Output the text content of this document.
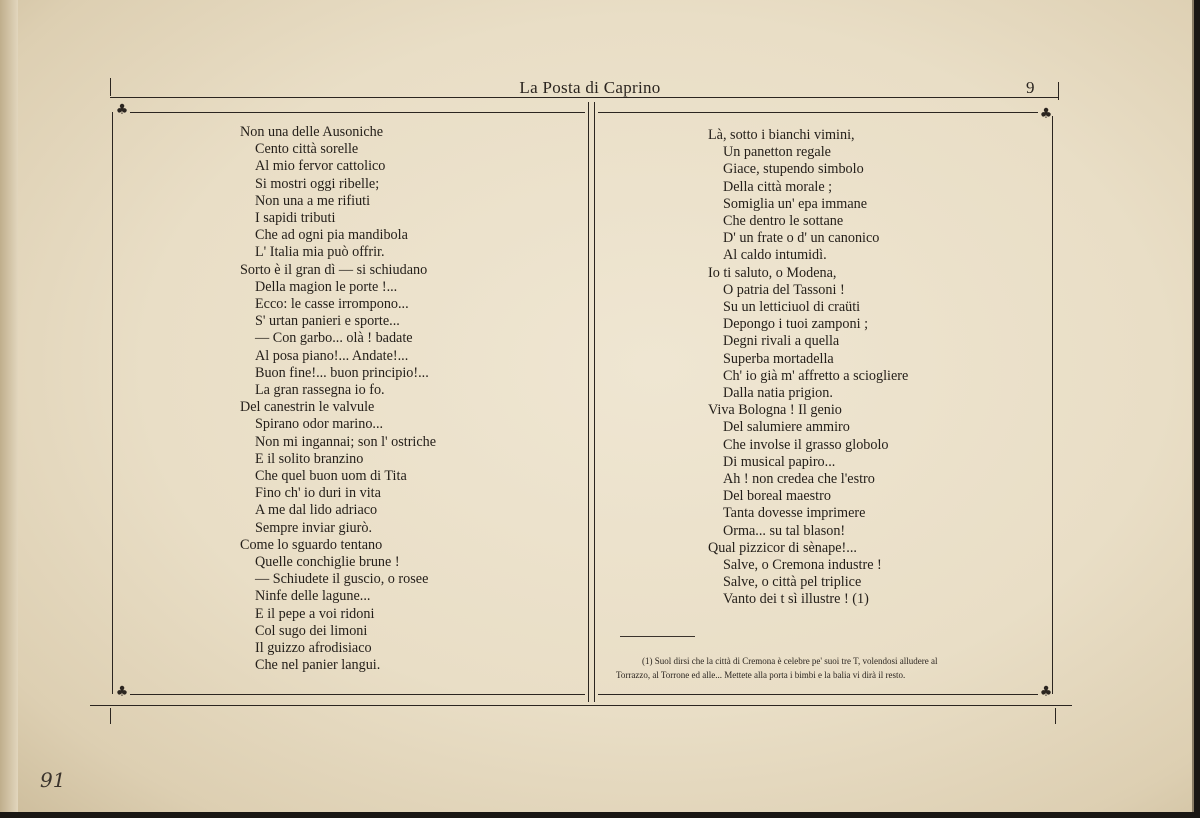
La Posta di Caprino	9
♣	♣
♣	♣
Non una delle Ausoniche
Cento città sorelle
Al mio fervor cattolico
Si mostri oggi ribelle;
Non una a me rifiuti
I sapidi tributi
Che ad ogni pia mandibola
L' Italia mia può offrir.
Sorto è il gran dì — si schiudano
Della magion le porte !...
Ecco: le casse irrompono...
S' urtan panieri e sporte...
— Con garbo... olà ! badate
Al posa piano!... Andate!...
Buon fine!... buon principio!...
La gran rassegna io fo.
Del canestrin le valvule
Spirano odor marino...
Non mi ingannai; son l' ostriche
E il solito branzino
Che quel buon uom di Tita
Fino ch' io duri in vita
A me dal lido adriaco
Sempre inviar giurò.
Come lo sguardo tentano
Quelle conchiglie brune !
— Schiudete il guscio, o rosee
Ninfe delle lagune...
E il pepe a voi ridoni
Col sugo dei limoni
Il guizzo afrodisiaco
Che nel panier langui.
Là, sotto i bianchi vimini,
Un panetton regale
Giace, stupendo simbolo
Della città morale ;
Somiglia un' epa immane
Che dentro le sottane
D' un frate o d' un canonico
Al caldo intumidì.
Io ti saluto, o Modena,
O patria del Tassoni !
Su un letticiuol di craüti
Depongo i tuoi zamponi ;
Degni rivali a quella
Superba mortadella
Ch' io già m' affretto a sciogliere
Dalla natia prigion.
Viva Bologna ! Il genio
Del salumiere ammiro
Che involse il grasso globolo
Di musical papiro...
Ah ! non credea che l'estro
Del boreal maestro
Tanta dovesse imprimere
Orma... su tal blason!
Qual pizzicor di sènape!...
Salve, o Cremona industre !
Salve, o città pel triplice
Vanto dei t sì illustre ! (1)
(1) Suol dirsi che la città di Cremona è celebre pe' suoi tre T, volendosi alludere al
Torrazzo, al Torrone ed alle... Mettete alla porta i bimbi e la balia vi dirà il resto.
91
